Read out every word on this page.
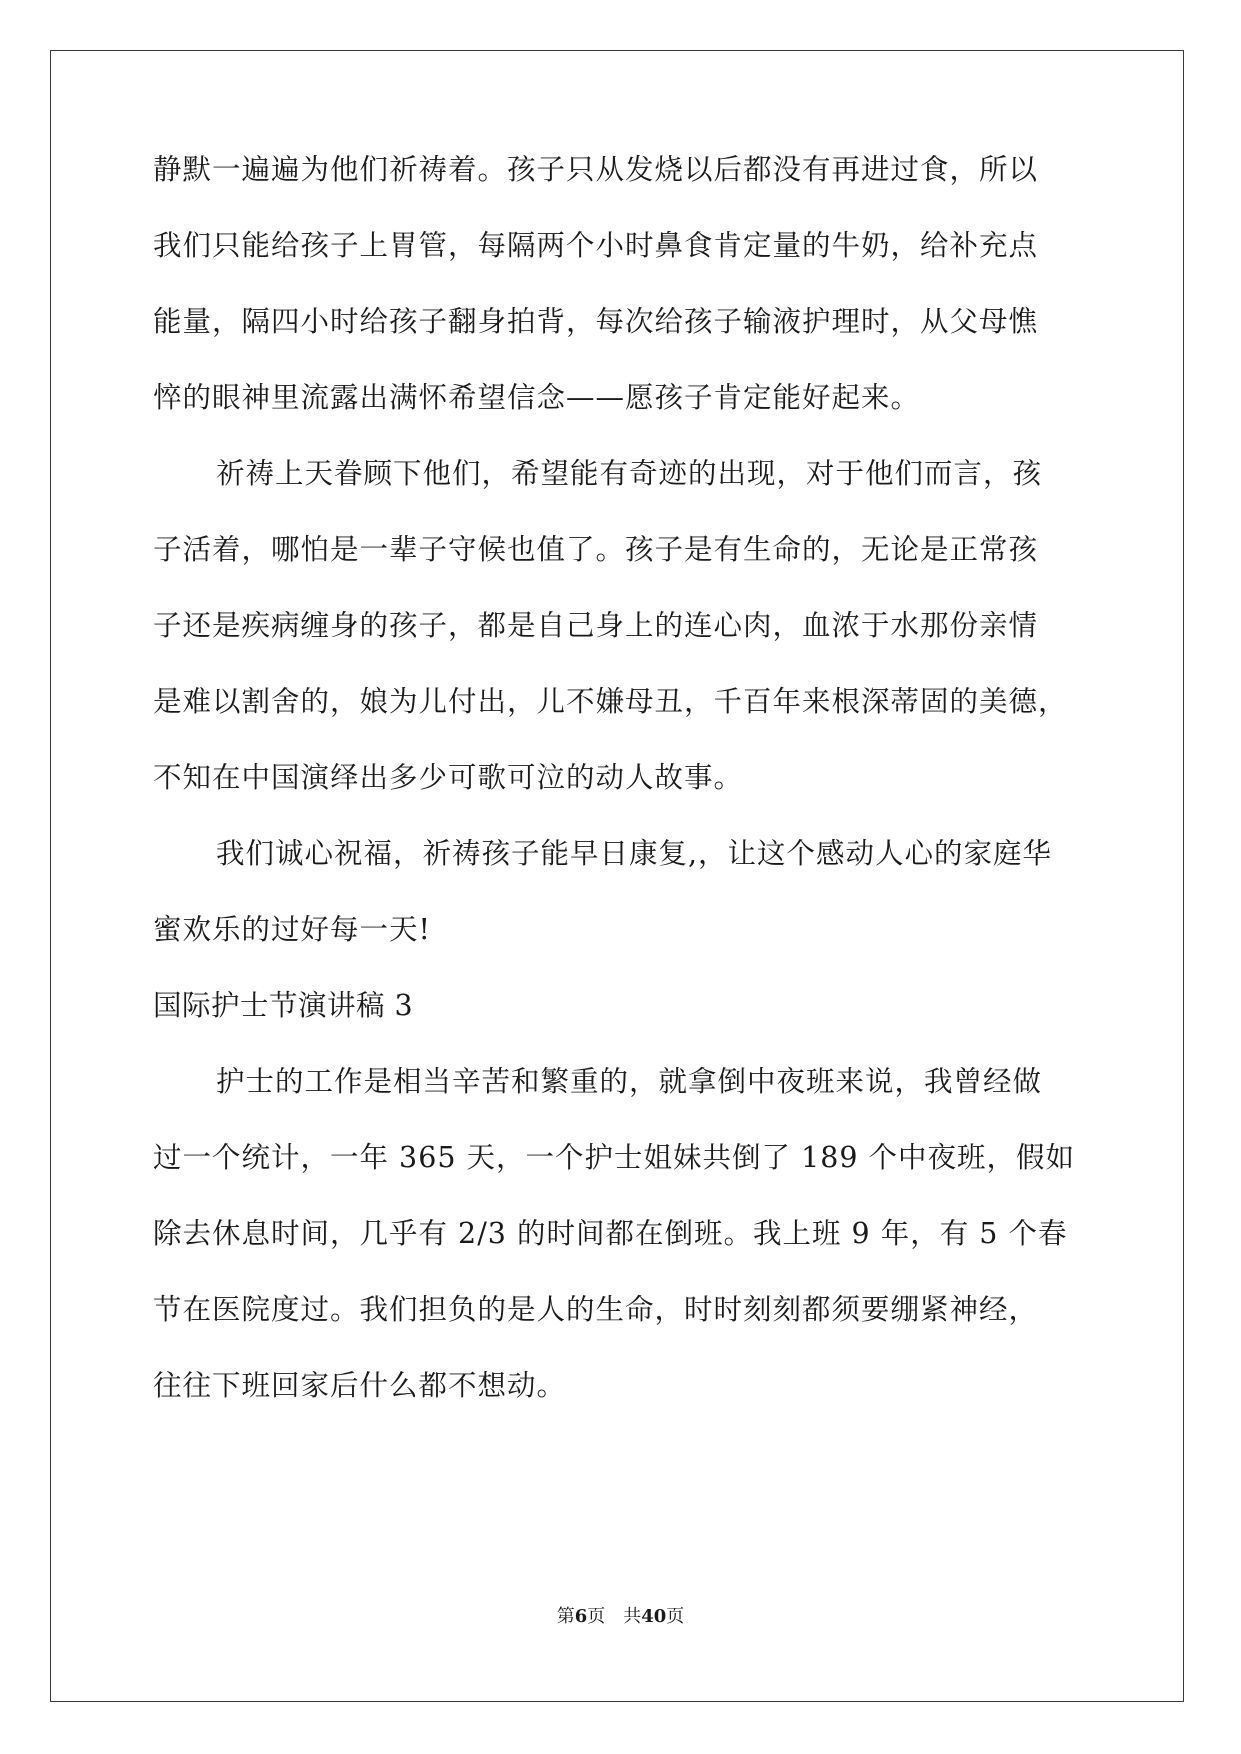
静默一遍遍为他们祈祷着。孩子只从发烧以后都没有再进过食，所以
我们只能给孩子上胃管，每隔两个小时鼻食肯定量的牛奶，给补充点
能量，隔四小时给孩子翻身拍背，每次给孩子输液护理时，从父母憔
悴的眼神里流露出满怀希望信念——愿孩子肯定能好起来。
祈祷上天眷顾下他们，希望能有奇迹的出现，对于他们而言，孩
子活着，哪怕是一辈子守候也值了。孩子是有生命的，无论是正常孩
子还是疾病缠身的孩子，都是自己身上的连心肉，血浓于水那份亲情
是难以割舍的，娘为儿付出，儿不嫌母丑，千百年来根深蒂固的美德，
不知在中国演绎出多少可歌可泣的动人故事。
我们诚心祝福，祈祷孩子能早日康复,，让这个感动人心的家庭华
蜜欢乐的过好每一天!
国际护士节演讲稿 3
护士的工作是相当辛苦和繁重的，就拿倒中夜班来说，我曾经做
过一个统计，一年 365 天，一个护士姐妹共倒了 189 个中夜班，假如
除去休息时间，几乎有 2/3 的时间都在倒班。我上班 9 年，有 5 个春
节在医院度过。我们担负的是人的生命，时时刻刻都须要绷紧神经，
往往下班回家后什么都不想动。
第6页　共40页
